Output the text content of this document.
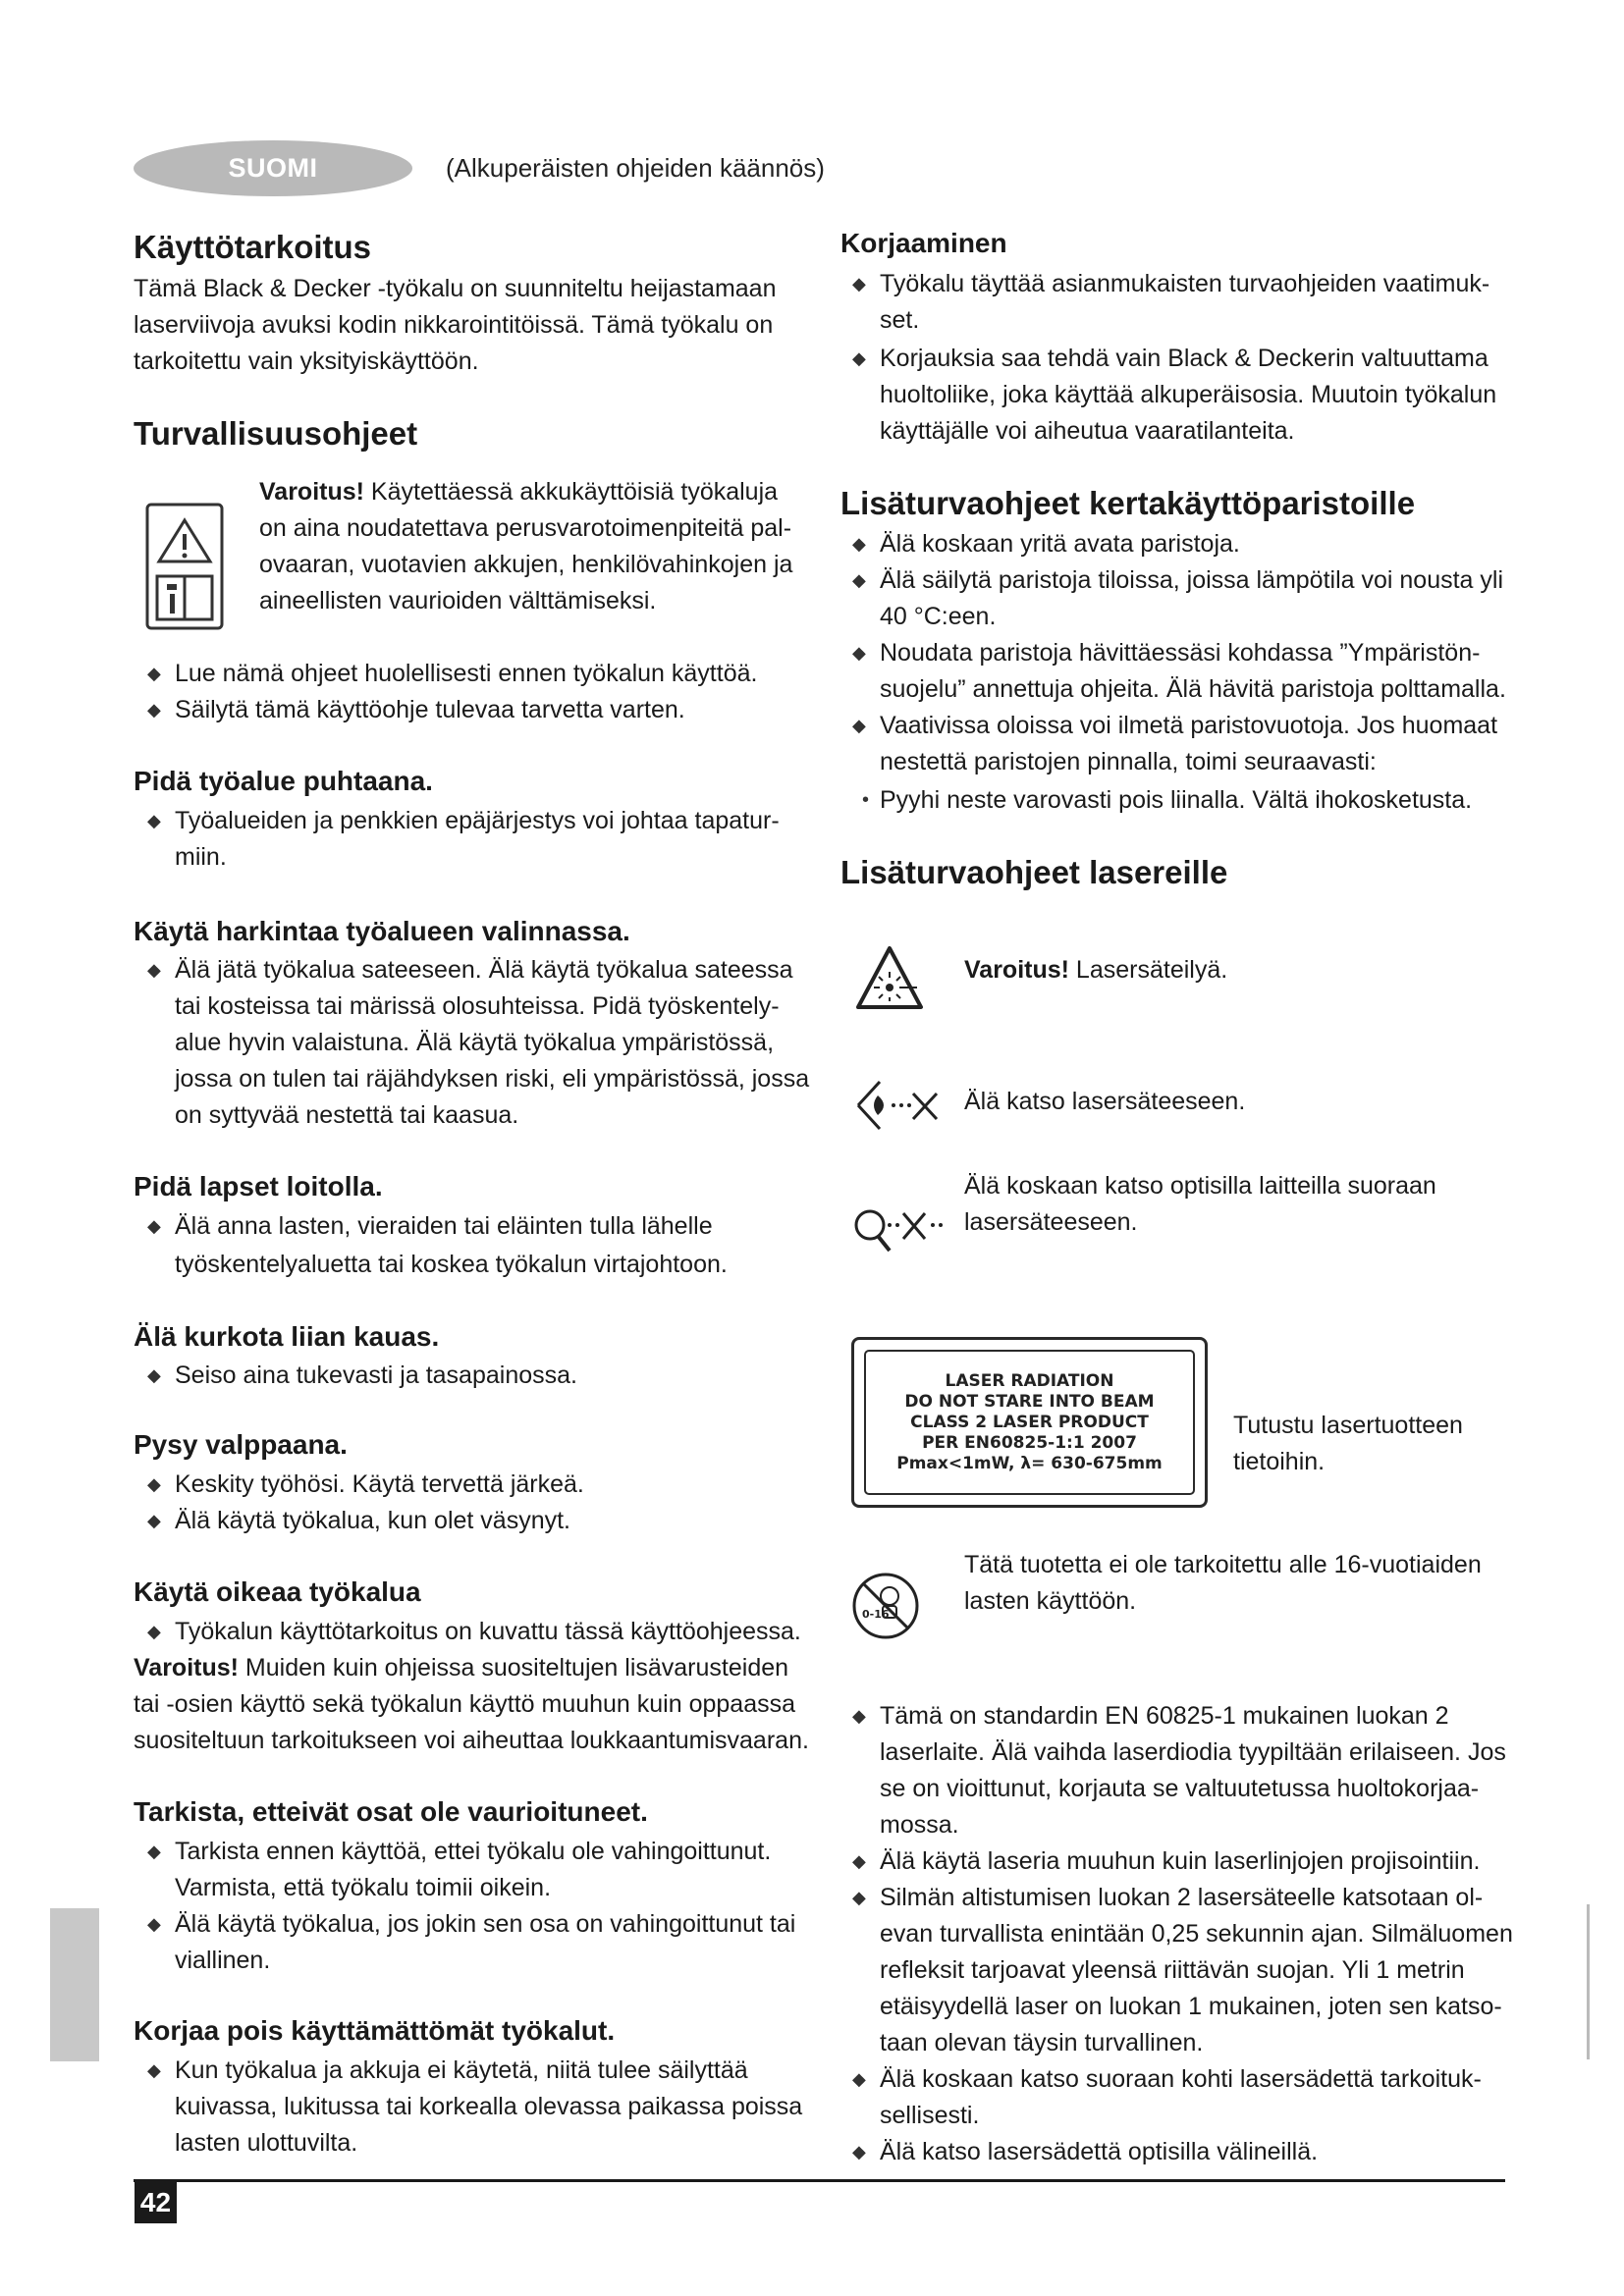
SUOMI	(Alkuperäisten ohjeiden käännös)
Käyttötarkoitus
Tämä Black & Decker -työkalu on suunniteltu heijastamaan
laserviivoja avuksi kodin nikkarointitöissä. Tämä työkalu on
tarkoitettu vain yksityiskäyttöön.
Turvallisuusohjeet
Varoitus! Käytettäessä akkukäyttöisiä työkaluja
on aina noudatettava perusvarotoimenpiteitä pal-
ovaaran, vuotavien akkujen, henkilövahinkojen ja
aineellisten vaurioiden välttämiseksi.
◆ Lue nämä ohjeet huolellisesti ennen työkalun käyttöä.
◆ Säilytä tämä käyttöohje tulevaa tarvetta varten.
Pidä työalue puhtaana.
◆ Työalueiden ja penkkien epäjärjestys voi johtaa tapatur-
miin.
Käytä harkintaa työalueen valinnassa.
◆ Älä jätä työkalua sateeseen. Älä käytä työkalua sateessa
tai kosteissa tai märissä olosuhteissa. Pidä työskentely-
alue hyvin valaistuna. Älä käytä työkalua ympäristössä,
jossa on tulen tai räjähdyksen riski, eli ympäristössä, jossa
on syttyvää nestettä tai kaasua.
Pidä lapset loitolla.
◆ Älä anna lasten, vieraiden tai eläinten tulla lähelle
työskentelyaluetta tai koskea työkalun virtajohtoon.
Älä kurkota liian kauas.
◆ Seiso aina tukevasti ja tasapainossa.
Pysy valppaana.
◆ Keskity työhösi. Käytä tervettä järkeä.
◆ Älä käytä työkalua, kun olet väsynyt.
Käytä oikeaa työkalua
◆ Työkalun käyttötarkoitus on kuvattu tässä käyttöohjeessa.
Varoitus! Muiden kuin ohjeissa suositeltujen lisävarusteiden
tai -osien käyttö sekä työkalun käyttö muuhun kuin oppaassa
suositeltuun tarkoitukseen voi aiheuttaa loukkaantumisvaaran.
Tarkista, etteivät osat ole vaurioituneet.
◆ Tarkista ennen käyttöä, ettei työkalu ole vahingoittunut.
Varmista, että työkalu toimii oikein.
◆ Älä käytä työkalua, jos jokin sen osa on vahingoittunut tai
viallinen.
Korjaa pois käyttämättömät työkalut.
◆ Kun työkalua ja akkuja ei käytetä, niitä tulee säilyttää
kuivassa, lukitussa tai korkealla olevassa paikassa poissa
lasten ulottuvilta.
Korjaaminen
◆ Työkalu täyttää asianmukaisten turvaohjeiden vaatimuk-
set.
◆ Korjauksia saa tehdä vain Black & Deckerin valtuuttama
huoltoliike, joka käyttää alkuperäisosia. Muutoin työkalun
käyttäjälle voi aiheutua vaaratilanteita.
Lisäturvaohjeet kertakäyttöparistoille
◆ Älä koskaan yritä avata paristoja.
◆ Älä säilytä paristoja tiloissa, joissa lämpötila voi nousta yli
40 °C:een.
◆ Noudata paristoja hävittäessäsi kohdassa ”Ympäristön-
suojelu” annettuja ohjeita. Älä hävitä paristoja polttamalla.
◆ Vaativissa oloissa voi ilmetä paristovuotoja. Jos huomaat
nestettä paristojen pinnalla, toimi seuraavasti:
• Pyyhi neste varovasti pois liinalla. Vältä ihokosketusta.
Lisäturvaohjeet lasereille
Varoitus! Lasersäteilyä.
Älä katso lasersäteeseen.
Älä koskaan katso optisilla laitteilla suoraan
lasersäteeseen.
LASER RADIATION
DO NOT STARE INTO BEAM
CLASS 2 LASER PRODUCT
PER EN60825-1:1 2007
Pmax<1mW, λ= 630-675mm
Tutustu lasertuotteen
tietoihin.
0-16
Tätä tuotetta ei ole tarkoitettu alle 16-vuotiaiden
lasten käyttöön.
◆ Tämä on standardin EN 60825-1 mukainen luokan 2
laserlaite. Älä vaihda laserdiodia tyypiltään erilaiseen. Jos
se on vioittunut, korjauta se valtuutetussa huoltokorjaa-
mossa.
◆ Älä käytä laseria muuhun kuin laserlinjojen projisointiin.
◆ Silmän altistumisen luokan 2 lasersäteelle katsotaan ol-
evan turvallista enintään 0,25 sekunnin ajan. Silmäluomen
refleksit tarjoavat yleensä riittävän suojan. Yli 1 metrin
etäisyydellä laser on luokan 1 mukainen, joten sen katso-
taan olevan täysin turvallinen.
◆ Älä koskaan katso suoraan kohti lasersädettä tarkoituk-
sellisesti.
◆ Älä katso lasersädettä optisilla välineillä.
42
